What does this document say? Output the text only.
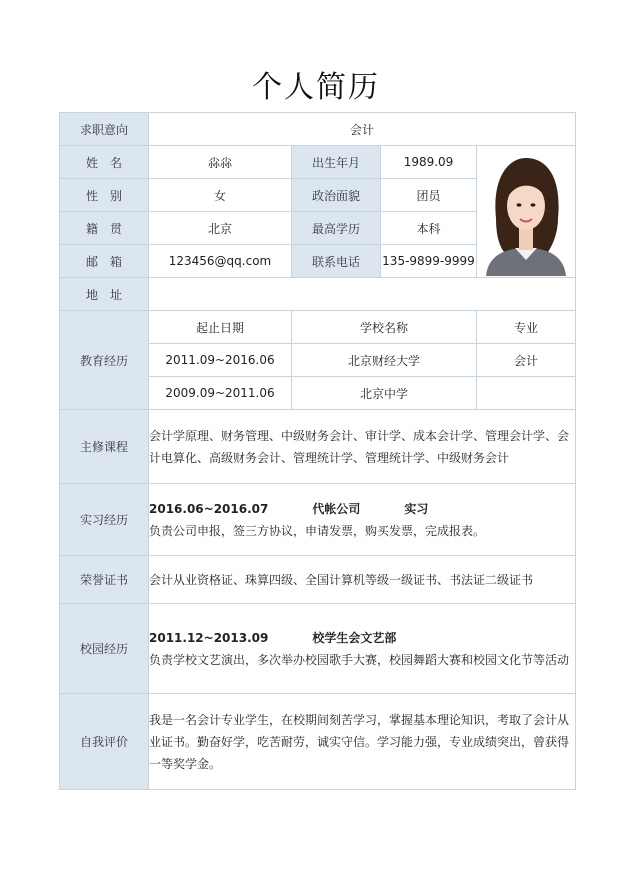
个人简历
求职意向	会计			
姓　名	尛尛	出生年月	1989.09	
性　别	女	政治面貌	团员	
籍　贯	北京	最高学历	本科	
邮　箱	123456@qq.com	联系电话	135-9899-9999	
地　址				
教育经历	起止日期	学校名称		专业
	2011.09~2016.06	北京财经大学		会计
	2009.09~2011.06	北京中学		
主修课程	会计学原理、财务管理、中级财务会计、审计学、成本会计学、管理会计学、会计电算化、高级财务会计、管理统计学、管理统计学、中级财务会计			
实习经历	2016.06~2016.07 代帐公司 实习
负责公司申报，签三方协议，申请发票，购买发票，完成报表。			

荣誉证书	会计从业资格证、珠算四级、全国计算机等级一级证书、书法证二级证书			
校园经历	2011.12~2013.09 校学生会文艺部
负责学校文艺演出，多次举办校园歌手大赛，校园舞蹈大赛和校园文化节等活动			

自我评价	我是一名会计专业学生，在校期间刻苦学习，掌握基本理论知识，考取了会计从业证书。勤奋好学，吃苦耐劳，诚实守信。学习能力强，专业成绩突出，曾获得一等奖学金。			
